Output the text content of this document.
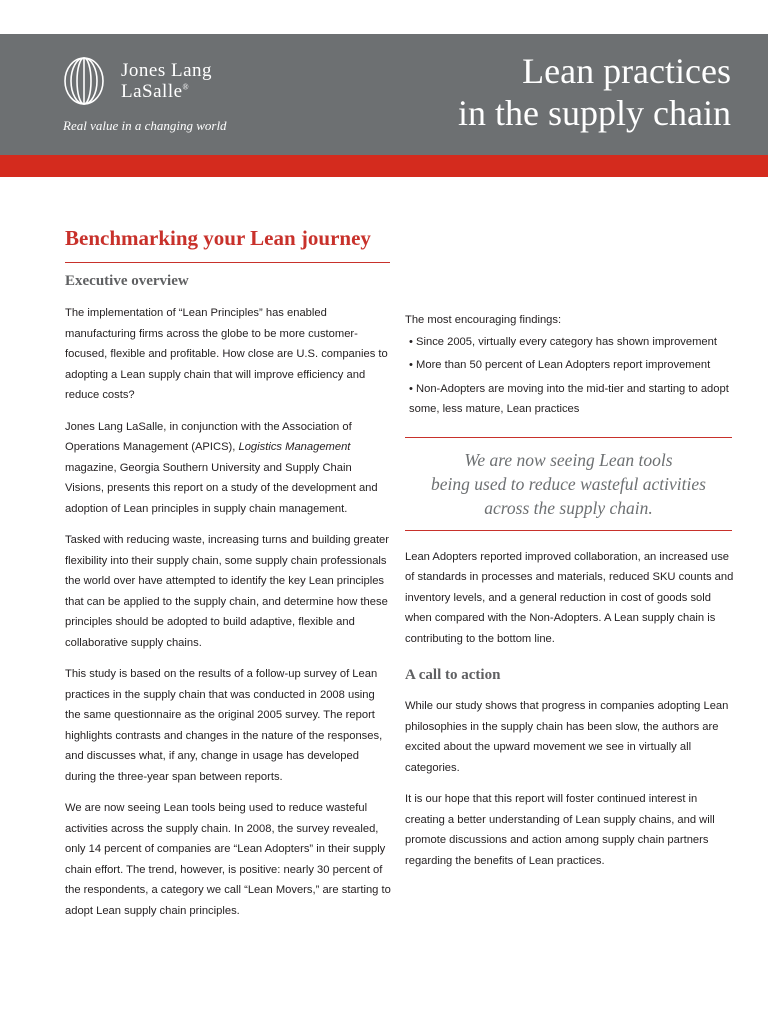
Jones Lang
LaSalle®
Real value in a changing world
Lean practices
in the supply chain
Benchmarking your Lean journey
Executive overview

The implementation of “Lean Principles” has enabled manufacturing firms across the globe to be more customer-focused, flexible and profitable. How close are U.S. companies to adopting a Lean supply chain that will improve efficiency and reduce costs?

Jones Lang LaSalle, in conjunction with the Association of Operations Management (APICS), Logistics Management magazine, Georgia Southern University and Supply Chain Visions, presents this report on a study of the development and adoption of Lean principles in supply chain management.

Tasked with reducing waste, increasing turns and building greater flexibility into their supply chain, some supply chain professionals the world over have attempted to identify the key Lean principles that can be applied to the supply chain, and determine how these principles should be adopted to build adaptive, flexible and collaborative supply chains.

This study is based on the results of a follow-up survey of Lean practices in the supply chain that was conducted in 2008 using the same questionnaire as the original 2005 survey. The report highlights contrasts and changes in the nature of the responses, and discusses what, if any, change in usage has developed during the three-year span between reports.

We are now seeing Lean tools being used to reduce wasteful activities across the supply chain. In 2008, the survey revealed, only 14 percent of companies are “Lean Adopters” in their supply chain effort. The trend, however, is positive: nearly 30 percent of the respondents, a category we call “Lean Movers,” are starting to adopt Lean supply chain principles.

The most encouraging findings:
• Since 2005, virtually every category has shown improvement
• More than 50 percent of Lean Adopters report improvement
• Non-Adopters are moving into the mid-tier and starting to adopt some, less mature, Lean practices
We are now seeing Lean tools
being used to reduce wasteful activities
across the supply chain.

Lean Adopters reported improved collaboration, an increased use of standards in processes and materials, reduced SKU counts and inventory levels, and a general reduction in cost of goods sold when compared with the Non-Adopters. A Lean supply chain is contributing to the bottom line.

A call to action

While our study shows that progress in companies adopting Lean philosophies in the supply chain has been slow, the authors are excited about the upward movement we see in virtually all categories.

It is our hope that this report will foster continued interest in creating a better understanding of Lean supply chains, and will promote discussions and action among supply chain partners regarding the benefits of Lean practices.
